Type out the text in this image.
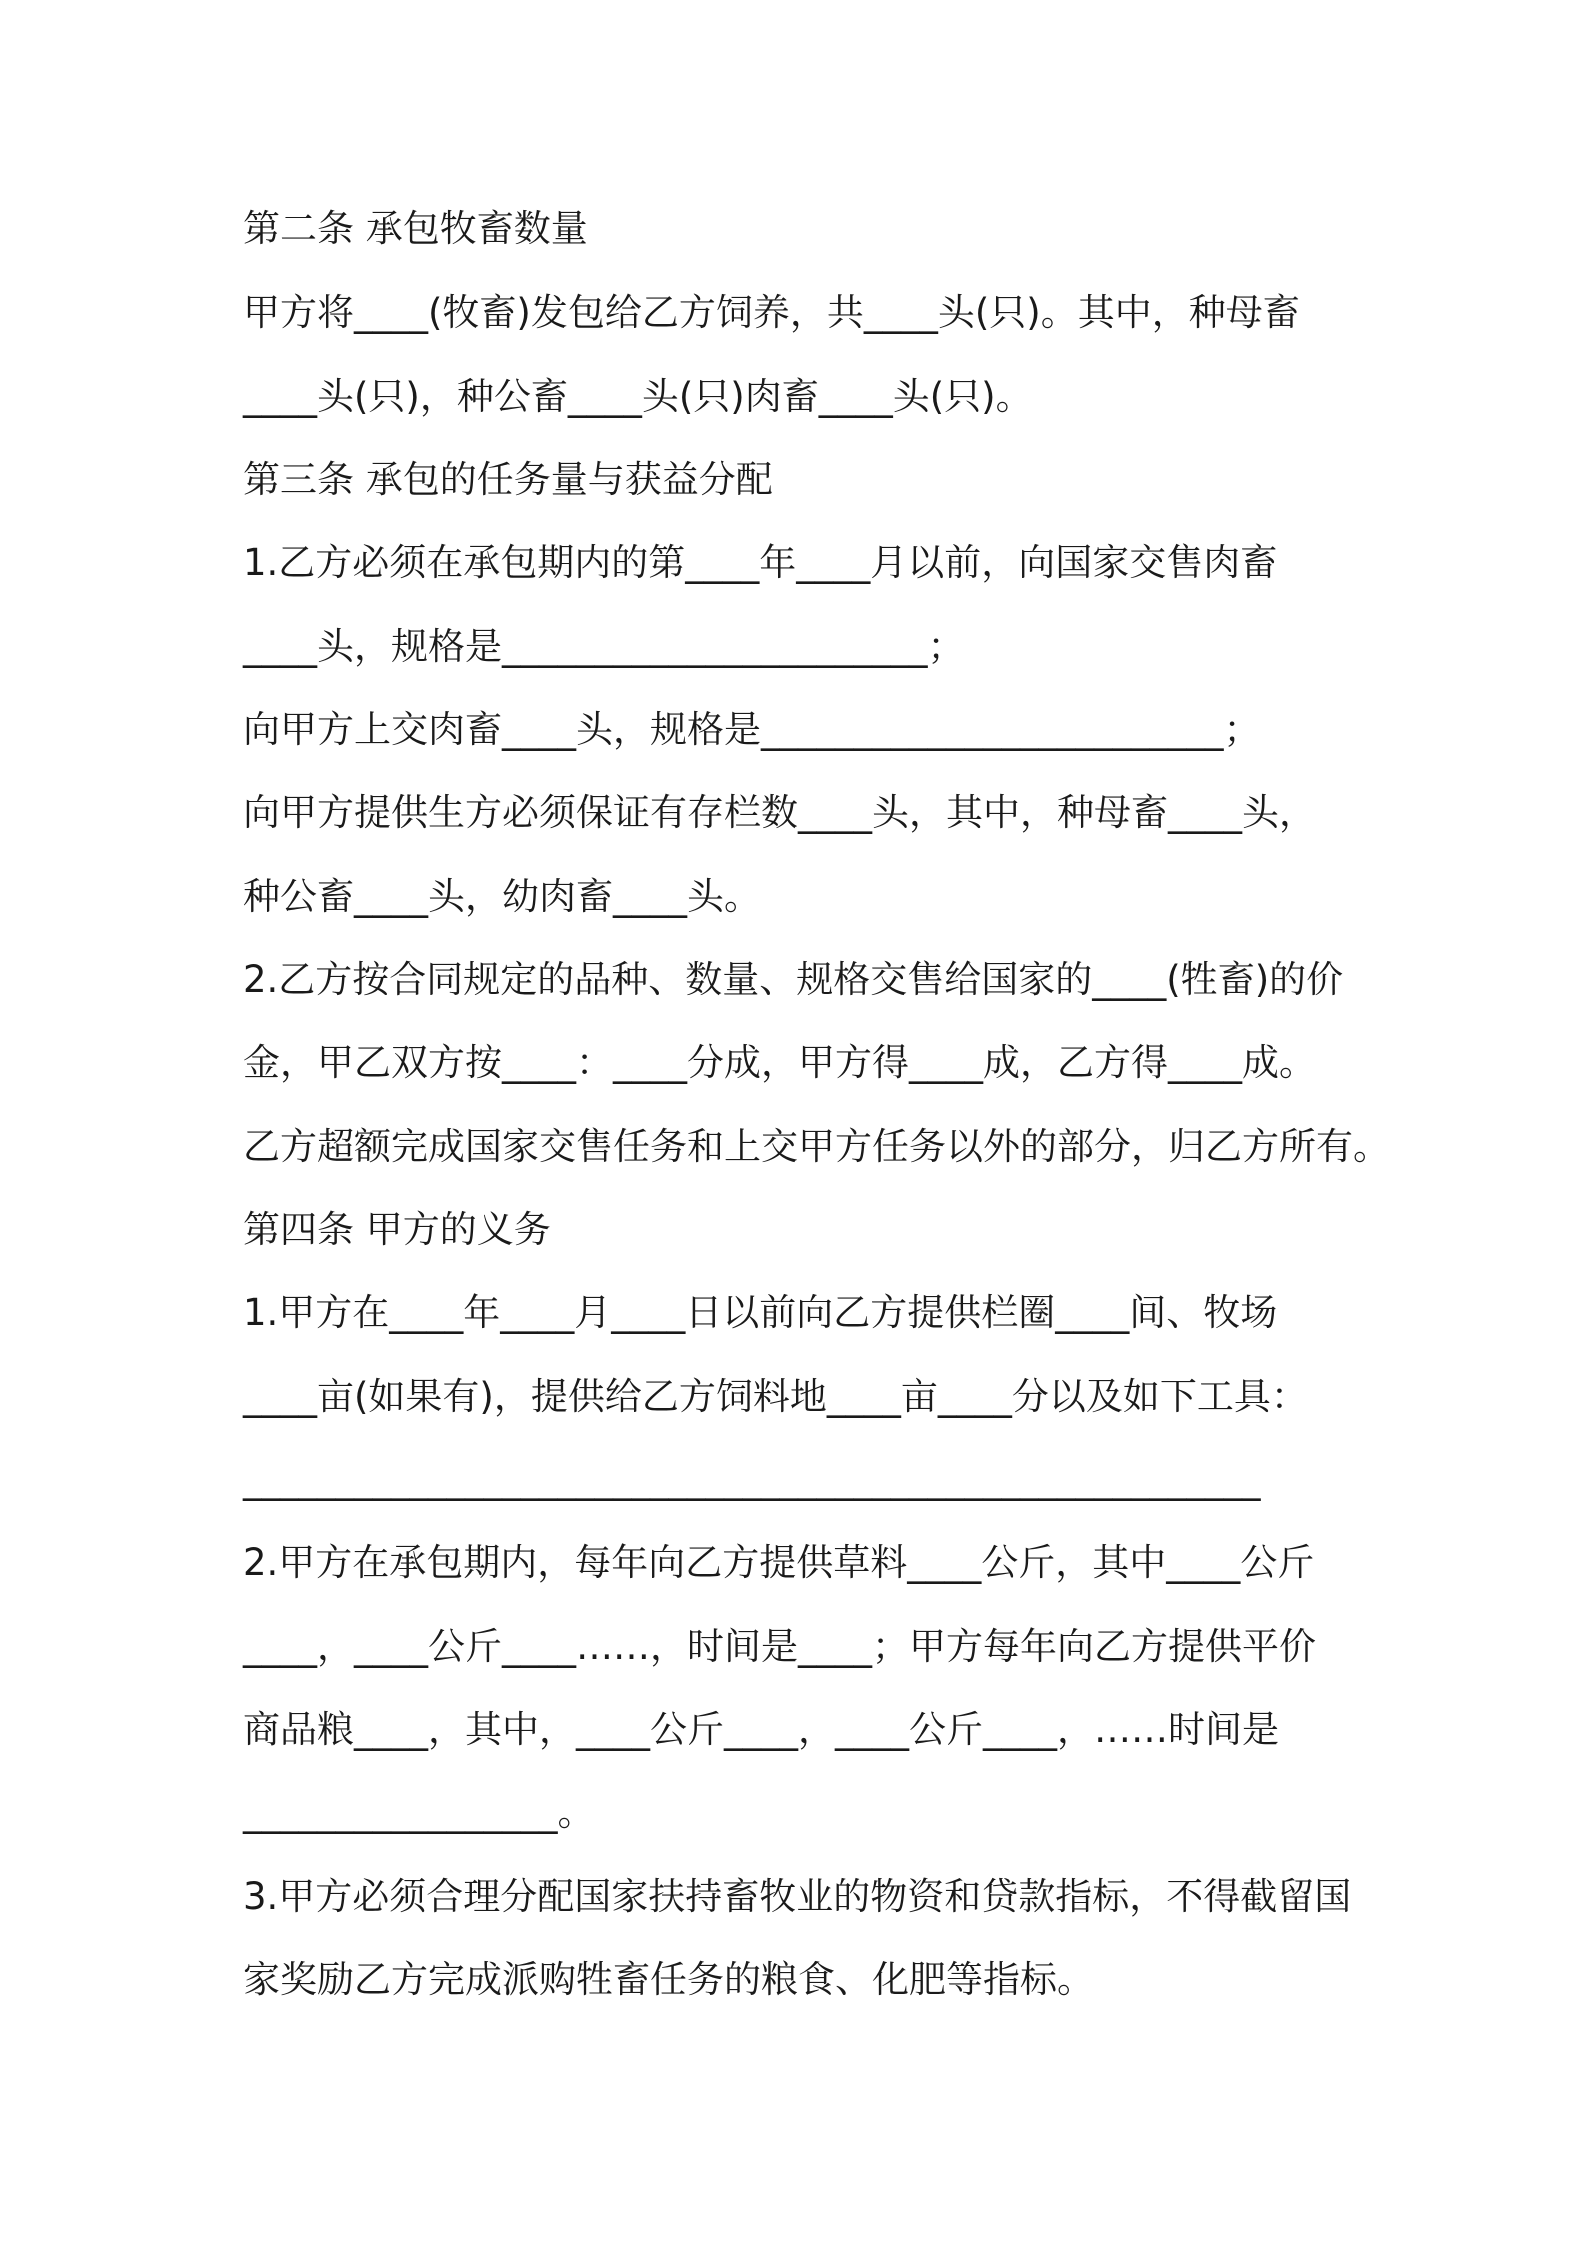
第二条 承包牧畜数量
甲方将____(牧畜)发包给乙方饲养，共____头(只)。其中，种母畜
____头(只)，种公畜____头(只)肉畜____头(只)。
第三条 承包的任务量与获益分配
1.乙方必须在承包期内的第____年____月以前，向国家交售肉畜
____头，规格是_______________________；
向甲方上交肉畜____头，规格是_________________________；
向甲方提供生方必须保证有存栏数____头，其中，种母畜____头，
种公畜____头，幼肉畜____头。
2.乙方按合同规定的品种、数量、规格交售给国家的____(牲畜)的价
金，甲乙双方按____：____分成，甲方得____成，乙方得____成。
乙方超额完成国家交售任务和上交甲方任务以外的部分，归乙方所有。
第四条 甲方的义务
1.甲方在____年____月____日以前向乙方提供栏圈____间、牧场
____亩(如果有)，提供给乙方饲料地____亩____分以及如下工具：
_______________________________________________________
2.甲方在承包期内，每年向乙方提供草料____公斤，其中____公斤
____，____公斤____……，时间是____；甲方每年向乙方提供平价
商品粮____，其中，____公斤____，____公斤____，……时间是
_________________。
3.甲方必须合理分配国家扶持畜牧业的物资和贷款指标，不得截留国
家奖励乙方完成派购牲畜任务的粮食、化肥等指标。
